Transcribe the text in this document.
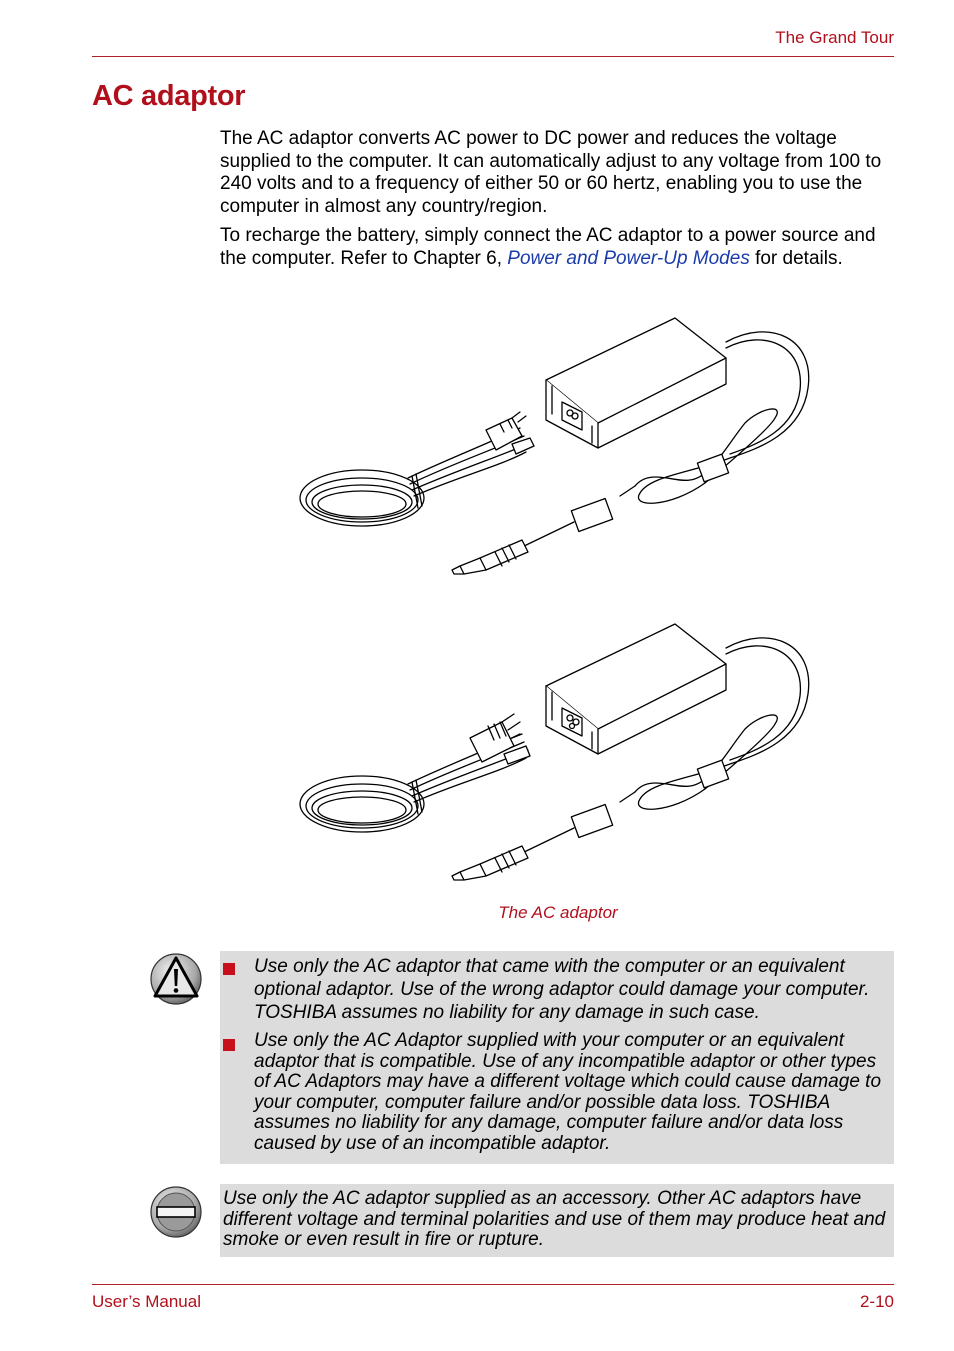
The Grand Tour
AC adaptor

The AC adaptor converts AC power to DC power and reduces the voltage supplied to the computer. It can automatically adjust to any voltage from 100 to 240 volts and to a frequency of either 50 or 60 hertz, enabling you to use the computer in almost any country/region.

To recharge the battery, simply connect the AC adaptor to a power source and the computer. Refer to Chapter 6, Power and Power-Up Modes for details.

The AC adaptor

Use only the AC adaptor that came with the computer or an equivalent optional adaptor. Use of the wrong adaptor could damage your computer. TOSHIBA assumes no liability for any damage in such case.

Use only the AC Adaptor supplied with your computer or an equivalent adaptor that is compatible. Use of any incompatible adaptor or other types of AC Adaptors may have a different voltage which could cause damage to your computer, computer failure and/or possible data loss. TOSHIBA assumes no liability for any damage, computer failure and/or data loss caused by use of an incompatible adaptor.

Use only the AC adaptor supplied as an accessory. Other AC adaptors have different voltage and terminal polarities and use of them may produce heat and smoke or even result in fire or rupture.

User’s Manual	2-10
